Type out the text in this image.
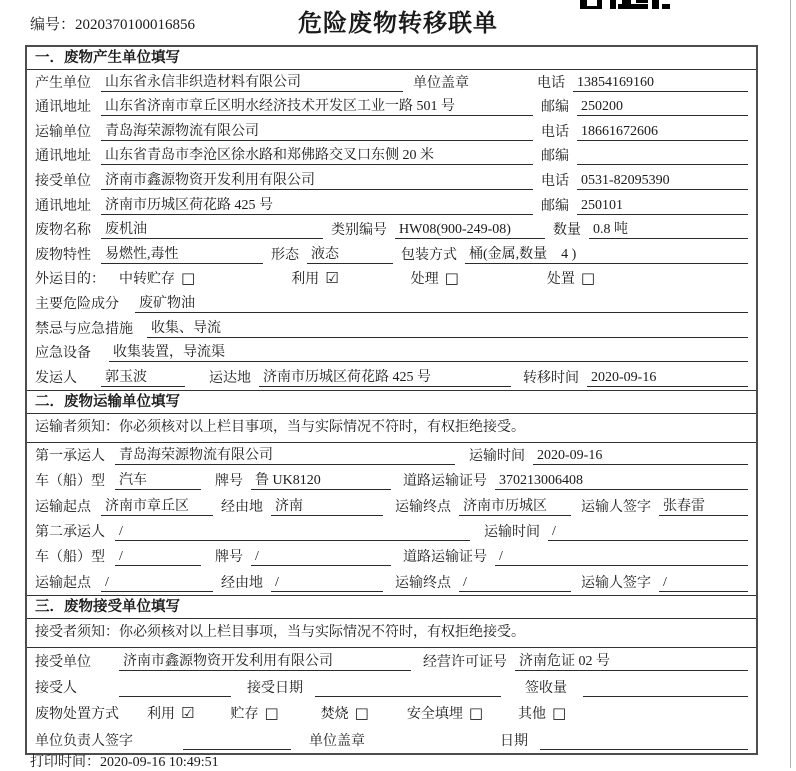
编号：2020370100016856	危险废物转移联单
一．废物产生单位填写
产生单位	山东省永信非织造材料有限公司	单位盖章	电话 13854169160
通讯地址	山东省济南市章丘区明水经济技术开发区工业一路 501 号	邮编 250200
运输单位	青岛海荣源物流有限公司	电话 18661672606
通讯地址	山东省青岛市李沧区徐水路和郑佛路交叉口东侧 20 米	邮编
接受单位	济南市鑫源物资开发利用有限公司	电话 0531-82095390
通讯地址	济南市历城区荷花路 425 号	邮编 250101
废物名称	废机油	类别编号 HW08(900-249-08)	数量 0.8 吨
废物特性	易燃性,毒性	形态 液态	包装方式 桶(金属,数量　4 )
外运目的： 中转贮存 □	利用 ☑	处理 □	处置 □
主要危险成分	废矿物油
禁忌与应急措施	收集、导流
应急设备	收集装置，导流渠
发运人	郭玉波	运达地 济南市历城区荷花路 425 号	转移时间 2020-09-16
二．废物运输单位填写
运输者须知：你必须核对以上栏目事项，当与实际情况不符时，有权拒绝接受。
第一承运人	青岛海荣源物流有限公司	运输时间 2020-09-16
车（船）型	汽车	牌号 鲁 UK8120	道路运输证号 370213006408
运输起点	济南市章丘区	经由地 济南	运输终点 济南市历城区	运输人签字 张春雷
第二承运人	/	运输时间 /
车（船）型	/	牌号 /	道路运输证号 /
运输起点	/	经由地 /	运输终点 /	运输人签字 /
三．废物接受单位填写
接受者须知：你必须核对以上栏目事项，当与实际情况不符时，有权拒绝接受。
接受单位	济南市鑫源物资开发利用有限公司	经营许可证号 济南危证 02 号
接受人	接受日期	签收量
废物处置方式	利用 ☑	贮存 □	焚烧 □	安全填埋 □	其他 □
单位负责人签字	单位盖章	日期
打印时间：2020-09-16 10:49:51
